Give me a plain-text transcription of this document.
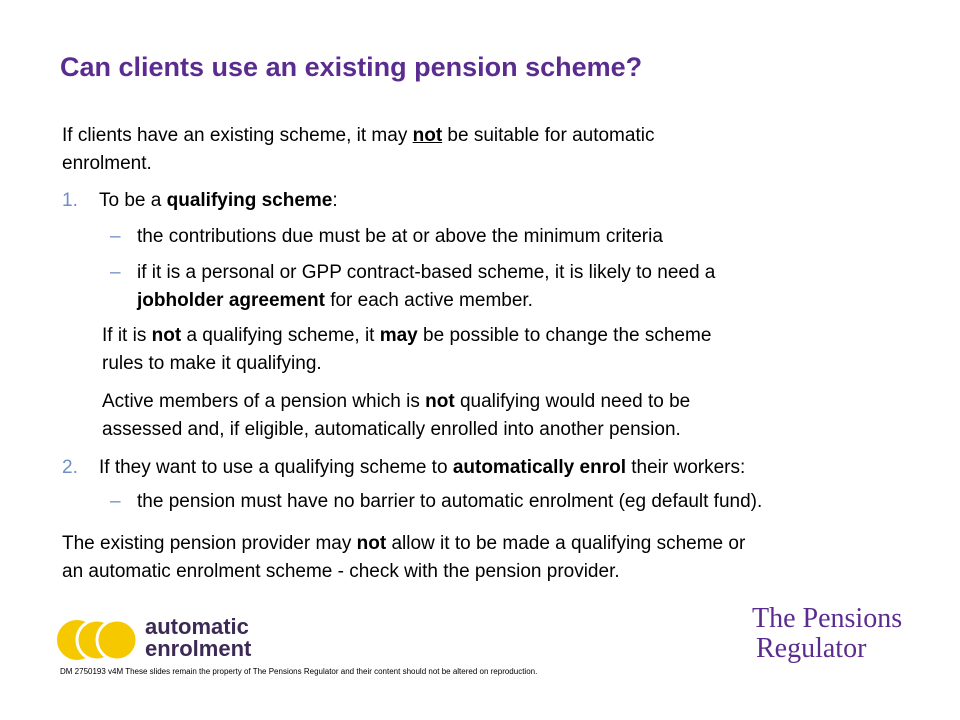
Can clients use an existing pension scheme?
If clients have an existing scheme, it may not be suitable for automatic
enrolment.
1. To be a qualifying scheme:
– the contributions due must be at or above the minimum criteria
– if it is a personal or GPP contract-based scheme, it is likely to need a
jobholder agreement for each active member.
If it is not a qualifying scheme, it may be possible to change the scheme
rules to make it qualifying.
Active members of a pension which is not qualifying would need to be
assessed and, if eligible, automatically enrolled into another pension.
2. If they want to use a qualifying scheme to automatically enrol their workers:
– the pension must have no barrier to automatic enrolment (eg default fund).
The existing pension provider may not allow it to be made a qualifying scheme or
an automatic enrolment scheme - check with the pension provider.
automatic
enrolment
The Pensions
Regulator
DM 2750193 v4M These slides remain the property of The Pensions Regulator and their content should not be altered on reproduction.
